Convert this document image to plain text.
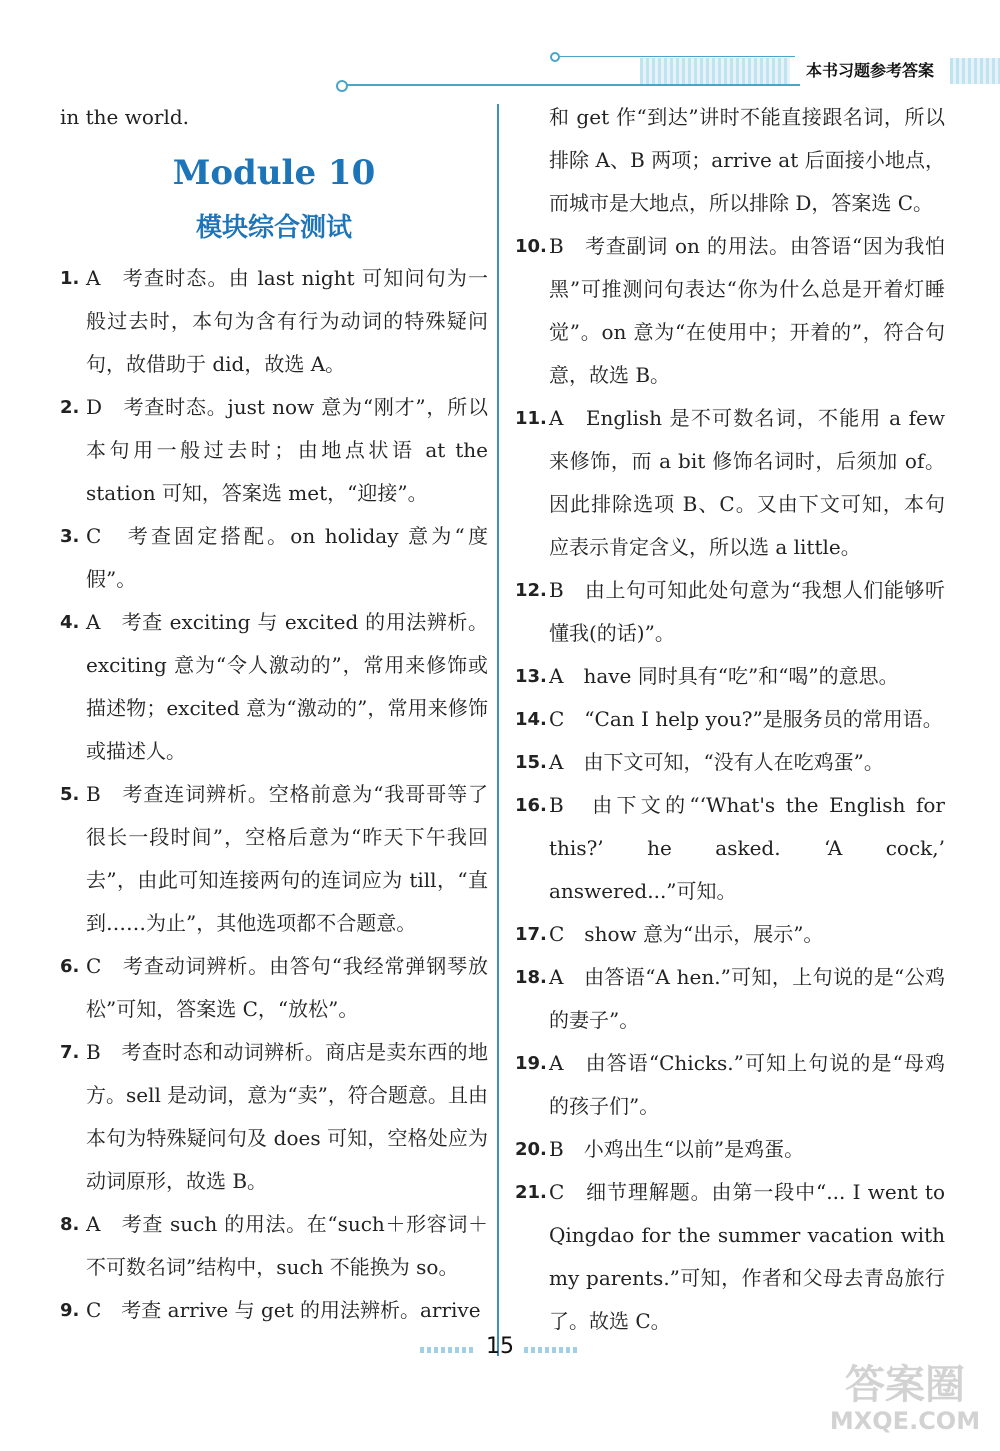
本书习题参考答案
in the world.
Module 10
模块综合测试
1. A　考查时态。由 last night 可知问句为一般过去时，本句为含有行为动词的特殊疑问句，故借助于 did，故选 A。
2. D　考查时态。just now 意为“刚才”，所以本句用一般过去时；由地点状语 at the station 可知，答案选 met，“迎接”。
3. C　考查固定搭配。on holiday 意为“度假”。
4. A　考查 exciting 与 excited 的用法辨析。exciting 意为“令人激动的”，常用来修饰或描述物；excited 意为“激动的”，常用来修饰或描述人。
5. B　考查连词辨析。空格前意为“我哥哥等了很长一段时间”，空格后意为“昨天下午我回去”，由此可知连接两句的连词应为 till，“直到……为止”，其他选项都不合题意。
6. C　考查动词辨析。由答句“我经常弹钢琴放松”可知，答案选 C，“放松”。
7. B　考查时态和动词辨析。商店是卖东西的地方。sell 是动词，意为“卖”，符合题意。且由本句为特殊疑问句及 does 可知，空格处应为动词原形，故选 B。
8. A　考查 such 的用法。在“such＋形容词＋不可数名词”结构中，such 不能换为 so。
9. C　考查 arrive 与 get 的用法辨析。arrive
和 get 作“到达”讲时不能直接跟名词，所以排除 A、B 两项；arrive at 后面接小地点，而城市是大地点，所以排除 D，答案选 C。
10. B　考查副词 on 的用法。由答语“因为我怕黑”可推测问句表达“你为什么总是开着灯睡觉”。on 意为“在使用中；开着的”，符合句意，故选 B。
11. A　English 是不可数名词，不能用 a few 来修饰，而 a bit 修饰名词时，后须加 of。因此排除选项 B、C。又由下文可知，本句应表示肯定含义，所以选 a little。
12. B　由上句可知此处句意为“我想人们能够听懂我(的话)”。
13. A　have 同时具有“吃”和“喝”的意思。
14. C　“Can I help you?”是服务员的常用语。
15. A　由下文可知，“没有人在吃鸡蛋”。
16. B　由下文的“‘What's the English for this?’ he asked. ‘A cock,’ answered...”可知。
17. C　show 意为“出示，展示”。
18. A　由答语“A hen.”可知，上句说的是“公鸡的妻子”。
19. A　由答语“Chicks.”可知上句说的是“母鸡的孩子们”。
20. B　小鸡出生“以前”是鸡蛋。
21. C　细节理解题。由第一段中“... I went to Qingdao for the summer vacation with my parents.”可知，作者和父母去青岛旅行了。故选 C。
15
答案圈
MXQE.COM
